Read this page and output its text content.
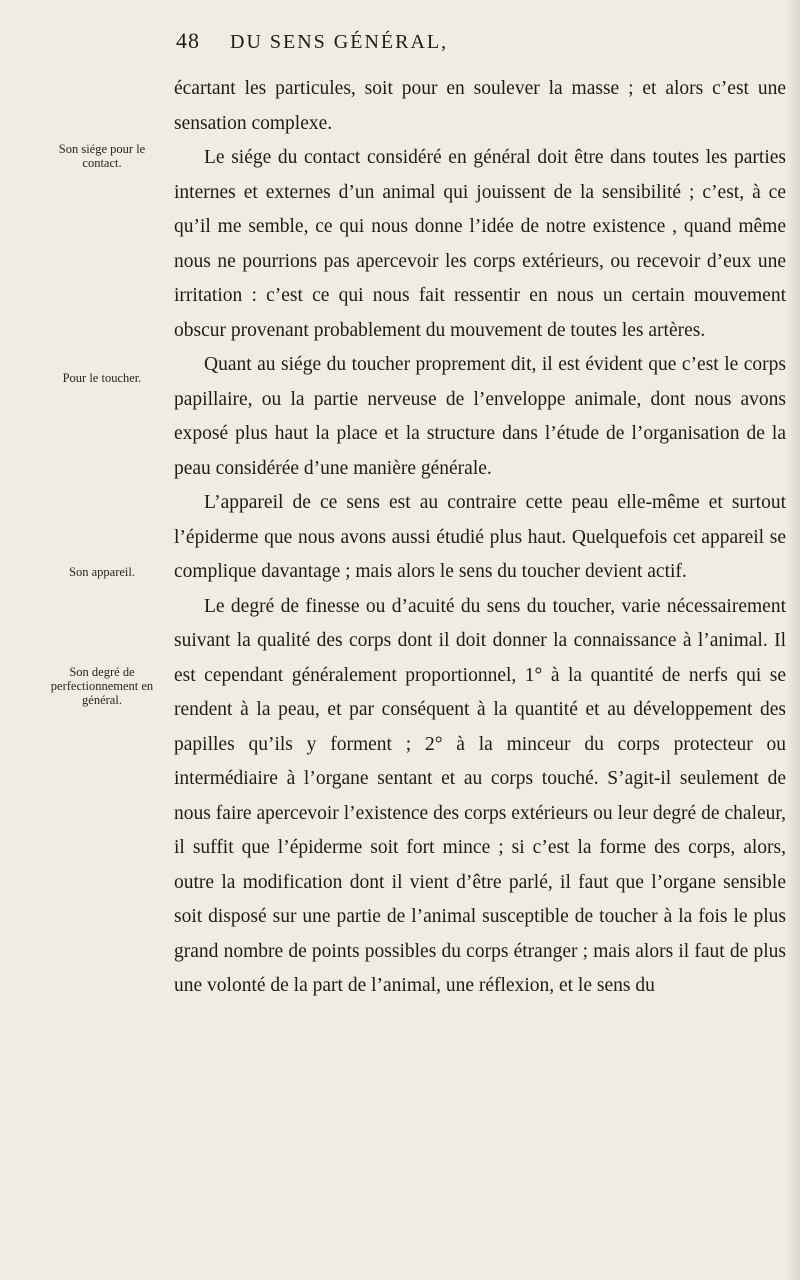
48 DU SENS GÉNÉRAL,
Son siége pour le contact.
Pour le toucher.
Son appareil.
Son degré de perfectionnement en général.

écartant les particules, soit pour en soulever la masse ; et alors c’est une sensation complexe.

Le siége du contact considéré en général doit être dans toutes les parties internes et externes d’un animal qui jouissent de la sensibilité ; c’est, à ce qu’il me semble, ce qui nous donne l’idée de notre existence , quand même nous ne pourrions pas apercevoir les corps extérieurs, ou recevoir d’eux une irritation : c’est ce qui nous fait ressentir en nous un certain mouvement obscur provenant probablement du mouvement de toutes les artères.

Quant au siége du toucher proprement dit, il est évident que c’est le corps papillaire, ou la partie nerveuse de l’enveloppe animale, dont nous avons exposé plus haut la place et la structure dans l’étude de l’organisation de la peau considérée d’une manière générale.

L’appareil de ce sens est au contraire cette peau elle-même et surtout l’épiderme que nous avons aussi étudié plus haut. Quelquefois cet appareil se complique davantage ; mais alors le sens du toucher devient actif.

Le degré de finesse ou d’acuité du sens du toucher, varie nécessairement suivant la qualité des corps dont il doit donner la connaissance à l’animal. Il est cependant généralement proportionnel, 1° à la quantité de nerfs qui se rendent à la peau, et par conséquent à la quantité et au développement des papilles qu’ils y forment ; 2° à la minceur du corps protecteur ou intermédiaire à l’organe sentant et au corps touché. S’agit-il seulement de nous faire apercevoir l’existence des corps extérieurs ou leur degré de chaleur, il suffit que l’épiderme soit fort mince ; si c’est la forme des corps, alors, outre la modification dont il vient d’être parlé, il faut que l’organe sensible soit disposé sur une partie de l’animal susceptible de toucher à la fois le plus grand nombre de points possibles du corps étranger ; mais alors il faut de plus une volonté de la part de l’animal, une réflexion, et le sens du
